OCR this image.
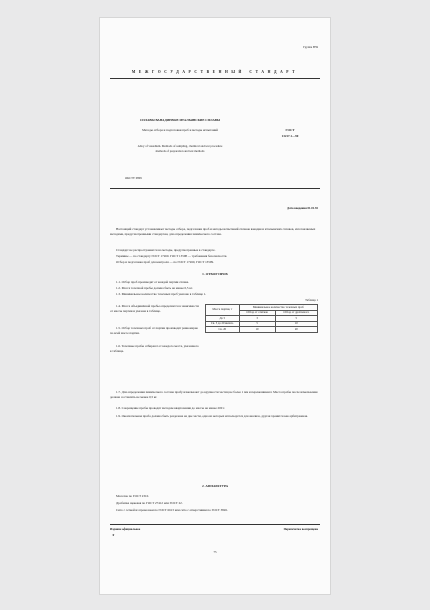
Группа В59
МЕЖГОСУДАРСТВЕННЫЙ СТАНДАРТ
СПЛАВЫ ВАНАДИЕВЫЕ ИТАЛЬЯНСКИЕ СПЛАВЫ
Методы отбора и подготовки проб и методы испытаний
Alloy of vanadium. Methods of sampling, chemical and test procedure
methods of preparation and test methods
ГОСТ
13217.1—90
ОКСТУ 0809
Дата введения 01.01.92
Настоящий стандарт устанавливает методы отбора, подготовки проб и методы испытаний сплавов ванадия и итальянских сплавов, изготовляемых методами, предусмотренными стандартом, для определения химического состава.
Стандарт не распространяется на методы, предусмотренные в стандарте.
Термины — по стандарту ГОСТ 17260. ГОСТ 13598 — требования безопасности.
Отбор и подготовка проб для контроля — по ГОСТ 17260, ГОСТ 13599.
1. ОТБОР ПРОБ
1.1. Отбор проб производят от каждой партии сплава.
1.2. Масса точечной пробы должна быть не менее 0,5 кг.
1.3. Минимальное количество точечных проб указано в таблице 1.
Таблица 1
1.4. Масса объединённой пробы определяется в зависимости от массы партии и указана в таблице.
1.5. Отбор точечных проб от партии производят равномерно по всей массе партии.
1.6. Точечные пробы отбирают от каждого места, указанного в таблице.
Масса партии, т	Минимальное количество точечных проб	
	Отбор от слитков	Отбор от дробленого
До 5	3	5
Св. 5 до 20 включ.	5	10
Св. 20	10	20
1.7. Для определения химического состава пробу измельчают до крупности частиц не более 1 мм и перемешивают. Масса пробы после измельчения должна составлять не менее 0,5 кг.
1.8. Сокращение пробы проводят методом квартования до массы не менее 200 г.
1.9. Окончательная проба должна быть разделена на две части, одна из которых используется для анализа, другая хранится как арбитражная.
2. АППАРАТУРА
Молоток по ГОСТ 2310.
Дробилка щековая по ГОСТ 27412 или ГОСТ 22.
Сито с сеткой из проволоки по ГОСТ 6613 или сито с отверстиями по ГОСТ 3826.
Издание официальное	Перепечатка воспрещена
★
75
